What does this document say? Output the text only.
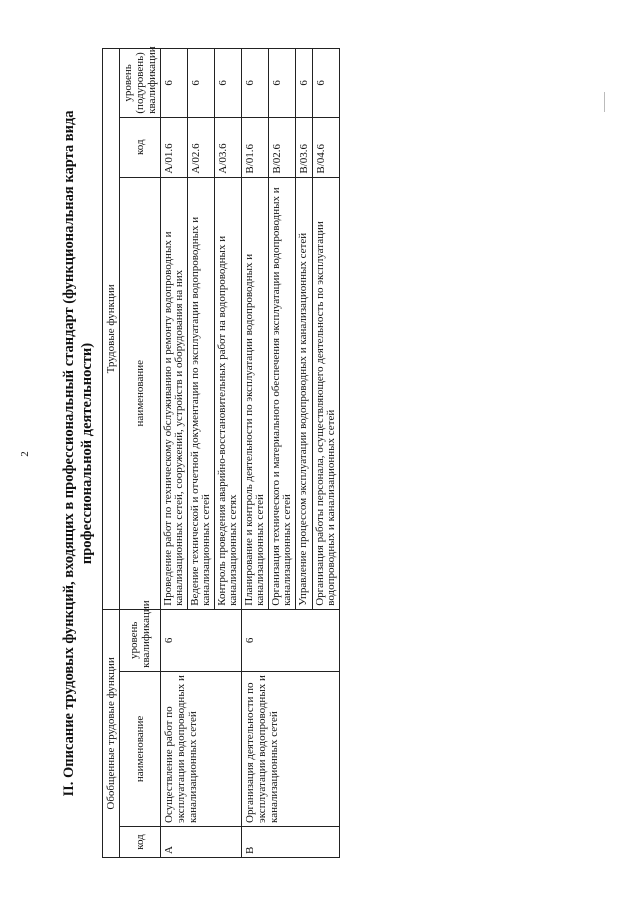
2 II. Описание трудовых функций, входящих в профессиональный стандарт (функциональная карта вида профессиональной деятельности)
Обобщенные трудовые функции			Трудовые функции		
код	наименование	уровень квалификации	наименование	код	уровень (подуровень) квалификации
А	Осуществление работ по эксплуатации водопроводных и канализационных сетей	6	Проведение работ по техническому обслуживанию и ремонту водопроводных и канализационных сетей, сооружений, устройств и оборудования на них	А/01.6	6
			Ведение технической и отчетной документации по эксплуатации водопроводных и канализационных сетей	А/02.6	6
			Контроль проведения аварийно-восстановительных работ на водопроводных и канализационных сетях	А/03.6	6
В	Организация деятельности по эксплуатации водопроводных и канализационных сетей	6	Планирование и контроль деятельности по эксплуатации водопроводных и канализационных сетей	В/01.6	6
			Организация технического и материального обеспечения эксплуатации водопроводных и канализационных сетей	В/02.6	6
			Управление процессом эксплуатации водопроводных и канализационных сетей	В/03.6	6
			Организация работы персонала, осуществляющего деятельность по эксплуатации водопроводных и канализационных сетей	В/04.6	6
